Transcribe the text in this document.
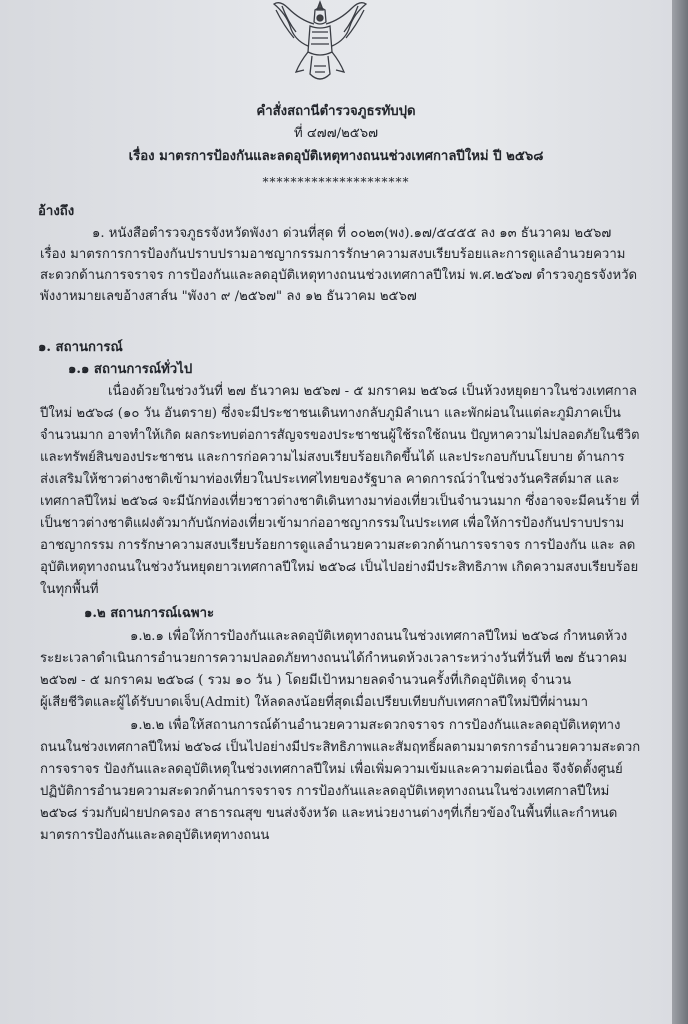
คำสั่งสถานีตำรวจภูธรทับปุด
ที่ ๔๗๗/๒๕๖๗
เรื่อง มาตรการป้องกันและลดอุบัติเหตุทางถนนช่วงเทศกาลปีใหม่ ปี ๒๕๖๘
*********************
อ้างถึง
๑. หนังสือตำรวจภูธรจังหวัดพังงา ด่วนที่สุด ที่ ๐๐๒๓(พง).๑๗/๕๔๕๕ ลง ๑๓ ธันวาคม ๒๕๖๗
เรื่อง มาตรการการป้องกันปราบปรามอาชญากรรมการรักษาความสงบเรียบร้อยและการดูแลอำนวยความ
สะดวกด้านการจราจร การป้องกันและลดอุบัติเหตุทางถนนช่วงเทศกาลปีใหม่ พ.ศ.๒๕๖๗ ตำรวจภูธรจังหวัด
พังงาหมายเลขอ้างสาส์น "พังงา ๙ /๒๕๖๗" ลง ๑๒ ธันวาคม ๒๕๖๗
๑. สถานการณ์
๑.๑ สถานการณ์ทั่วไป
เนื่องด้วยในช่วงวันที่ ๒๗ ธันวาคม ๒๕๖๗ - ๕ มกราคม ๒๕๖๘ เป็นห้วงหยุดยาวในช่วงเทศกาล
ปีใหม่ ๒๕๖๘ (๑๐ วัน อันตราย) ซึ่งจะมีประชาชนเดินทางกลับภูมิลำเนา และพักผ่อนในแต่ละภูมิภาคเป็น
จำนวนมาก อาจทำให้เกิด ผลกระทบต่อการสัญจรของประชาชนผู้ใช้รถใช้ถนน ปัญหาความไม่ปลอดภัยในชีวิต
และทรัพย์สินของประชาชน และการก่อความไม่สงบเรียบร้อยเกิดขึ้นได้ และประกอบกับนโยบาย ด้านการ
ส่งเสริมให้ชาวต่างชาติเข้ามาท่องเที่ยวในประเทศไทยของรัฐบาล คาดการณ์ว่าในช่วงวันคริสต์มาส และ
เทศกาลปีใหม่ ๒๕๖๘ จะมีนักท่องเที่ยวชาวต่างชาติเดินทางมาท่องเที่ยวเป็นจำนวนมาก ซึ่งอาจจะมีคนร้าย ที่
เป็นชาวต่างชาติแฝงตัวมากับนักท่องเที่ยวเข้ามาก่ออาชญากรรมในประเทศ เพื่อให้การป้องกันปราบปราม
อาชญากรรม การรักษาความสงบเรียบร้อยการดูแลอำนวยความสะดวกด้านการจราจร การป้องกัน และ ลด
อุบัติเหตุทางถนนในช่วงวันหยุดยาวเทศกาลปีใหม่ ๒๕๖๘ เป็นไปอย่างมีประสิทธิภาพ เกิดความสงบเรียบร้อย
ในทุกพื้นที่
๑.๒ สถานการณ์เฉพาะ
๑.๒.๑ เพื่อให้การป้องกันและลดอุบัติเหตุทางถนนในช่วงเทศกาลปีใหม่ ๒๕๖๘ กำหนดห้วง
ระยะเวลาดำเนินการอำนวยการความปลอดภัยทางถนนได้กำหนดห้วงเวลาระหว่างวันที่วันที่ ๒๗ ธันวาคม
๒๕๖๗ - ๕ มกราคม ๒๕๖๘ ( รวม ๑๐ วัน ) โดยมีเป้าหมายลดจำนวนครั้งที่เกิดอุบัติเหตุ จำนวน
ผู้เสียชีวิตและผู้ได้รับบาดเจ็บ(Admit) ให้ลดลงน้อยที่สุดเมื่อเปรียบเทียบกับเทศกาลปีใหม่ปีที่ผ่านมา
๑.๒.๒ เพื่อให้สถานการณ์ด้านอำนวยความสะดวกจราจร การป้องกันและลดอุบัติเหตุทาง
ถนนในช่วงเทศกาลปีใหม่ ๒๕๖๘ เป็นไปอย่างมีประสิทธิภาพและสัมฤทธิ์ผลตามมาตรการอำนวยความสะดวก
การจราจร ป้องกันและลดอุบัติเหตุในช่วงเทศกาลปีใหม่ เพื่อเพิ่มความเข้มและความต่อเนื่อง จึงจัดตั้งศูนย์
ปฏิบัติการอำนวยความสะดวกด้านการจราจร การป้องกันและลดอุบัติเหตุทางถนนในช่วงเทศกาลปีใหม่
๒๕๖๘ ร่วมกับฝ่ายปกครอง สาธารณสุข ขนส่งจังหวัด และหน่วยงานต่างๆที่เกี่ยวข้องในพื้นที่และกำหนด
มาตรการป้องกันและลดอุบัติเหตุทางถนน
